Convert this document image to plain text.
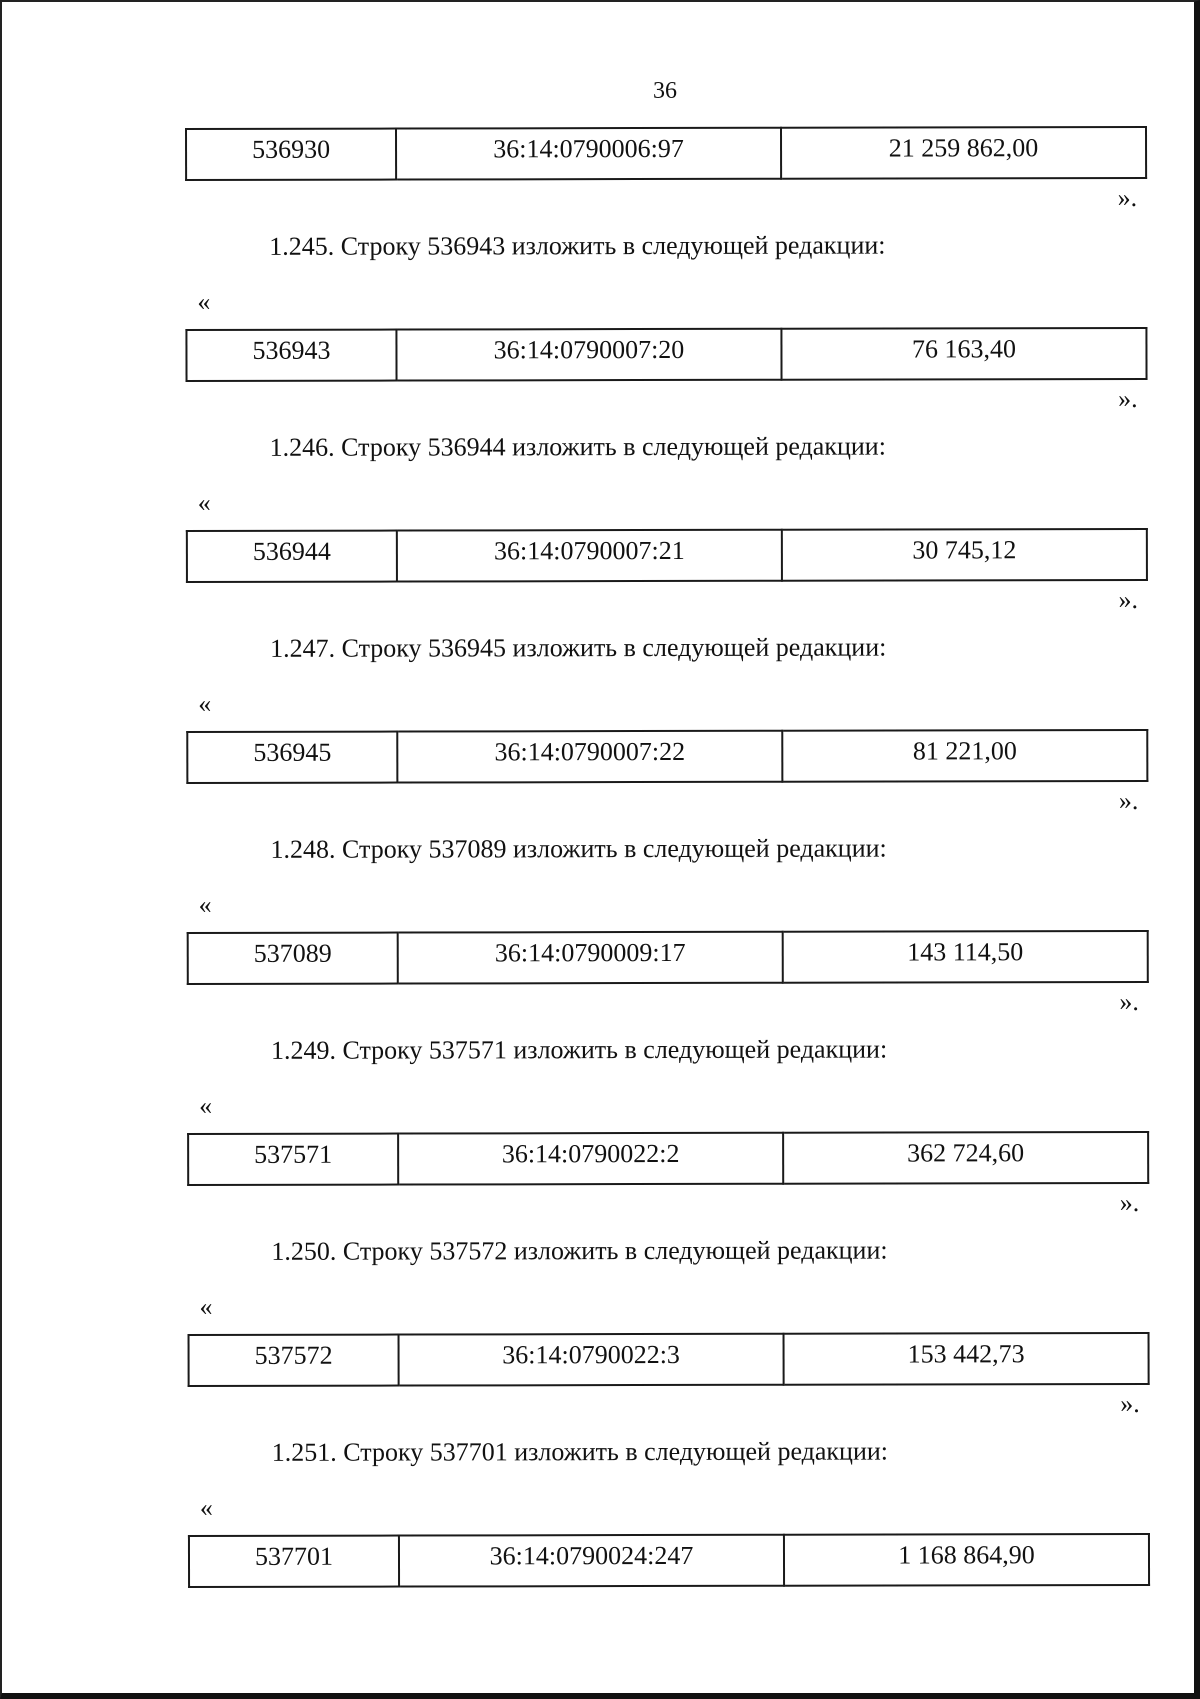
36
536930	36:14:0790006:97	21 259 862,00
».
1.245. Строку 536943 изложить в следующей редакции:
«
536943	36:14:0790007:20	76 163,40
».
1.246. Строку 536944 изложить в следующей редакции:
«
536944	36:14:0790007:21	30 745,12
».
1.247. Строку 536945 изложить в следующей редакции:
«
536945	36:14:0790007:22	81 221,00
».
1.248. Строку 537089 изложить в следующей редакции:
«
537089	36:14:0790009:17	143 114,50
».
1.249. Строку 537571 изложить в следующей редакции:
«
537571	36:14:0790022:2	362 724,60
».
1.250. Строку 537572 изложить в следующей редакции:
«
537572	36:14:0790022:3	153 442,73
».
1.251. Строку 537701 изложить в следующей редакции:
«
537701	36:14:0790024:247	1 168 864,90
